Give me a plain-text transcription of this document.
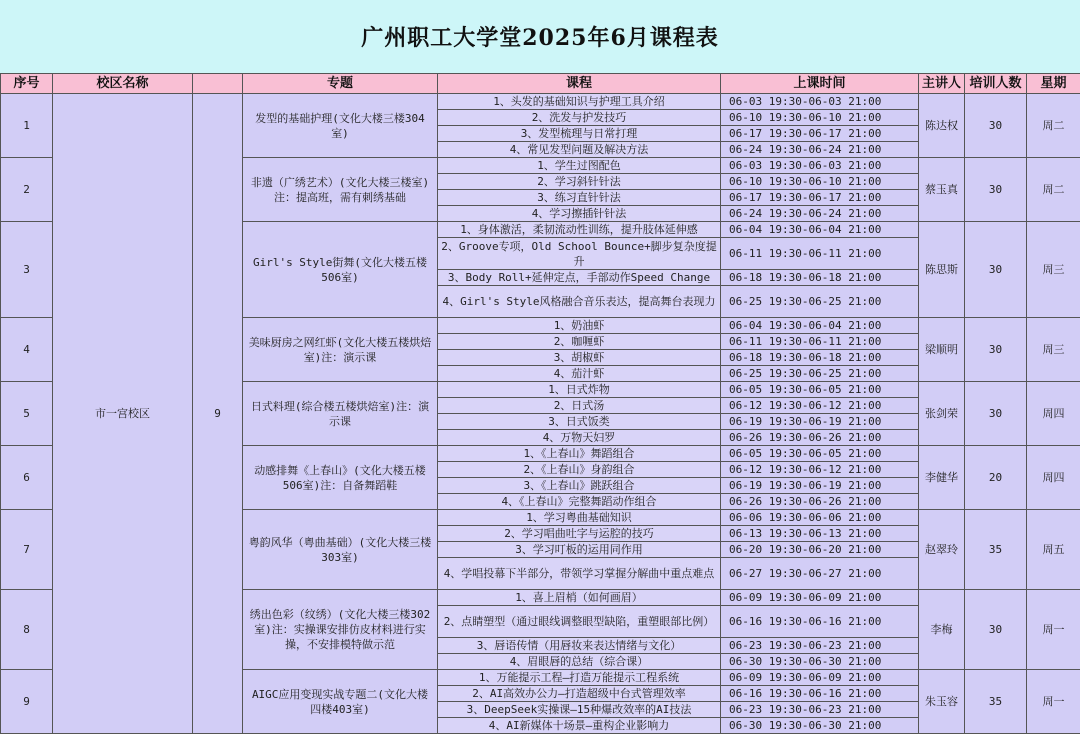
广州职工大学堂2025年6月课程表
序号	校区名称		专题	课程	上课时间	主讲人	培训人数	星期
1	市一宫校区	9	发型的基础护理(文化大楼三楼304室)	1、头发的基础知识与护理工具介绍	06-03 19:30-06-03 21:00	陈达权	30	周二
				2、洗发与护发技巧	06-10 19:30-06-10 21:00			
				3、发型梳理与日常打理	06-17 19:30-06-17 21:00			
				4、常见发型问题及解决方法	06-24 19:30-06-24 21:00			
2			非遗（广绣艺术）(文化大楼三楼室)注：提高班，需有刺绣基础	1、学生过图配色	06-03 19:30-06-03 21:00	蔡玉真	30	周二
				2、学习斜针针法	06-10 19:30-06-10 21:00			
				3、练习直针针法	06-17 19:30-06-17 21:00			
				4、学习擦插针针法	06-24 19:30-06-24 21:00			
3			Girl's Style街舞(文化大楼五楼506室)	1、身体激活，柔韧流动性训练，提升肢体延伸感	06-04 19:30-06-04 21:00	陈思斯	30	周三
				2、Groove专项，Old School Bounce+脚步复杂度提升	06-11 19:30-06-11 21:00			
				3、Body Roll+延伸定点，手部动作Speed Change	06-18 19:30-06-18 21:00			
				4、Girl's Style风格融合音乐表达，提高舞台表现力	06-25 19:30-06-25 21:00			
4			美味厨房之网红虾(文化大楼五楼烘焙室)注：演示课	1、奶油虾	06-04 19:30-06-04 21:00	梁顺明	30	周三
				2、咖喱虾	06-11 19:30-06-11 21:00			
				3、胡椒虾	06-18 19:30-06-18 21:00			
				4、茄汁虾	06-25 19:30-06-25 21:00			
5			日式料理(综合楼五楼烘焙室)注：演示课	1、日式炸物	06-05 19:30-06-05 21:00	张剑荣	30	周四
				2、日式汤	06-12 19:30-06-12 21:00			
				3、日式饭类	06-19 19:30-06-19 21:00			
				4、万物天妇罗	06-26 19:30-06-26 21:00			
6			动感排舞《上春山》(文化大楼五楼506室)注：自备舞蹈鞋	1、《上春山》舞蹈组合	06-05 19:30-06-05 21:00	李健华	20	周四
				2、《上春山》身韵组合	06-12 19:30-06-12 21:00			
				3、《上春山》跳跃组合	06-19 19:30-06-19 21:00			
				4、《上春山》完整舞蹈动作组合	06-26 19:30-06-26 21:00			
7			粤韵风华（粤曲基础）(文化大楼三楼303室)	1、学习粤曲基础知识	06-06 19:30-06-06 21:00	赵翠玲	35	周五
				2、学习唱曲吐字与运腔的技巧	06-13 19:30-06-13 21:00			
				3、学习叮板的运用同作用	06-20 19:30-06-20 21:00			
				4、学唱投幕下半部分，带领学习掌握分解曲中重点难点	06-27 19:30-06-27 21:00			
8			绣出色彩（纹绣）(文化大楼三楼302室)注：实操课安排仿皮材料进行实操，不安排模特做示范	1、喜上眉梢（如何画眉）	06-09 19:30-06-09 21:00	李梅	30	周一
				2、点睛塑型（通过眼线调整眼型缺陷，重塑眼部比例）	06-16 19:30-06-16 21:00			
				3、唇语传情（用唇妆来表达情绪与文化）	06-23 19:30-06-23 21:00			
				4、眉眼唇的总结（综合课）	06-30 19:30-06-30 21:00			
9			AIGC应用变现实战专题二(文化大楼四楼403室)	1、万能提示工程—打造万能提示工程系统	06-09 19:30-06-09 21:00	朱玉容	35	周一
				2、AI高效办公力—打造超级中台式管理效率	06-16 19:30-06-16 21:00			
				3、DeepSeek实操课—15种爆改效率的AI技法	06-23 19:30-06-23 21:00			
				4、AI新媒体十场景—重构企业影响力	06-30 19:30-06-30 21:00			
